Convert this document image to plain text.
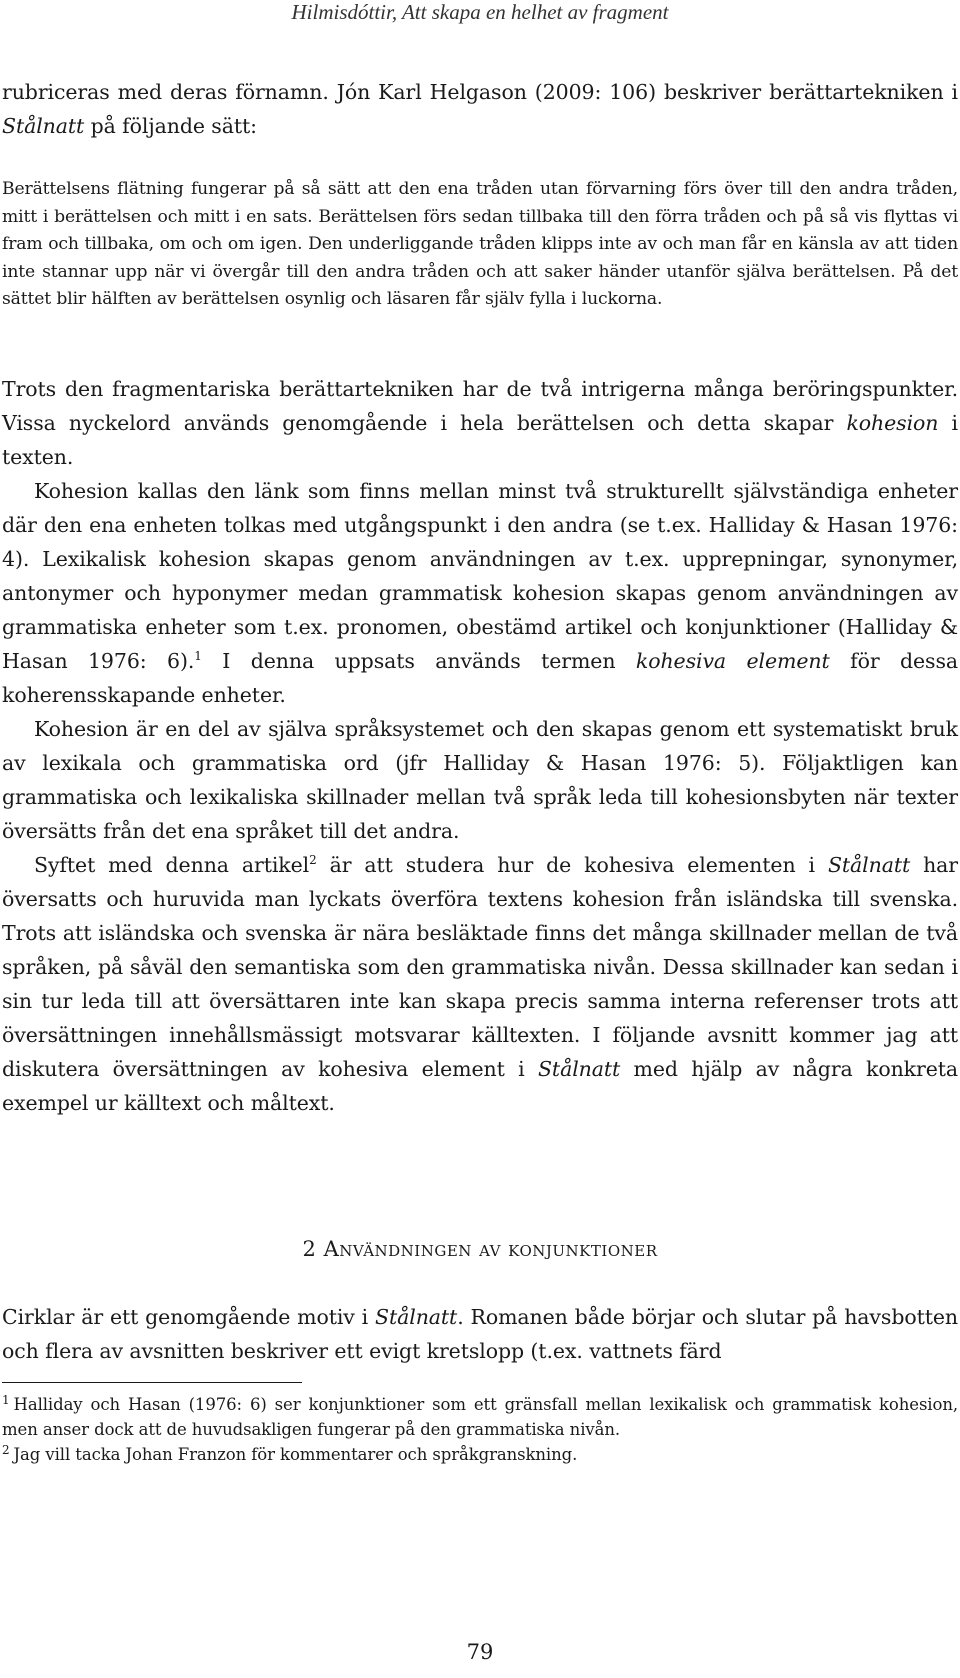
Hilmisdóttir, Att skapa en helhet av fragment

rubriceras med deras förnamn. Jón Karl Helgason (2009: 106) beskriver berättartekniken i Stålnatt på följande sätt:

Berättelsens flätning fungerar på så sätt att den ena tråden utan förvarning förs över till den andra tråden, mitt i berättelsen och mitt i en sats. Berättelsen förs sedan tillbaka till den förra tråden och på så vis flyttas vi fram och tillbaka, om och om igen. Den underliggande tråden klipps inte av och man får en känsla av att tiden inte stannar upp när vi övergår till den andra tråden och att saker händer utanför själva berättelsen. På det sättet blir hälften av berättelsen osynlig och läsaren får själv fylla i luckorna.

Trots den fragmentariska berättartekniken har de två intrigerna många beröringspunkter. Vissa nyckelord används genomgående i hela berättelsen och detta skapar kohesion i texten.

Kohesion kallas den länk som finns mellan minst två strukturellt självständiga enheter där den ena enheten tolkas med utgångspunkt i den andra (se t.ex. Halliday & Hasan 1976: 4). Lexikalisk kohesion skapas genom användningen av t.ex. upprepningar, synonymer, antonymer och hyponymer medan grammatisk kohesion skapas genom användningen av grammatiska enheter som t.ex. pronomen, obestämd artikel och konjunktioner (Halliday & Hasan 1976: 6).$^1$ I denna uppsats används termen kohesiva element för dessa koherensskapande enheter.

Kohesion är en del av själva språksystemet och den skapas genom ett systematiskt bruk av lexikala och grammatiska ord (jfr Halliday & Hasan 1976: 5). Följaktligen kan grammatiska och lexikaliska skillnader mellan två språk leda till kohesionsbyten när texter översätts från det ena språket till det andra.

Syftet med denna artikel$^2$ är att studera hur de kohesiva elementen i Stålnatt har översatts och huruvida man lyckats överföra textens kohesion från isländska till svenska. Trots att isländska och svenska är nära besläktade finns det många skillnader mellan de två språken, på såväl den semantiska som den grammatiska nivån. Dessa skillnader kan sedan i sin tur leda till att översättaren inte kan skapa precis samma interna referenser trots att översättningen innehållsmässigt motsvarar källtexten. I följande avsnitt kommer jag att diskutera översättningen av kohesiva element i Stålnatt med hjälp av några konkreta exempel ur källtext och måltext.

2 Användningen av konjunktioner

Cirklar är ett genomgående motiv i Stålnatt. Romanen både börjar och slutar på havsbotten och flera av avsnitten beskriver ett evigt kretslopp (t.ex. vattnets färd

$^1$ Halliday och Hasan (1976: 6) ser konjunktioner som ett gränsfall mellan lexikalisk och grammatisk kohesion, men anser dock att de huvudsakligen fungerar på den grammatiska nivån.

$^2$ Jag vill tacka Johan Franzon för kommentarer och språkgranskning.

79
